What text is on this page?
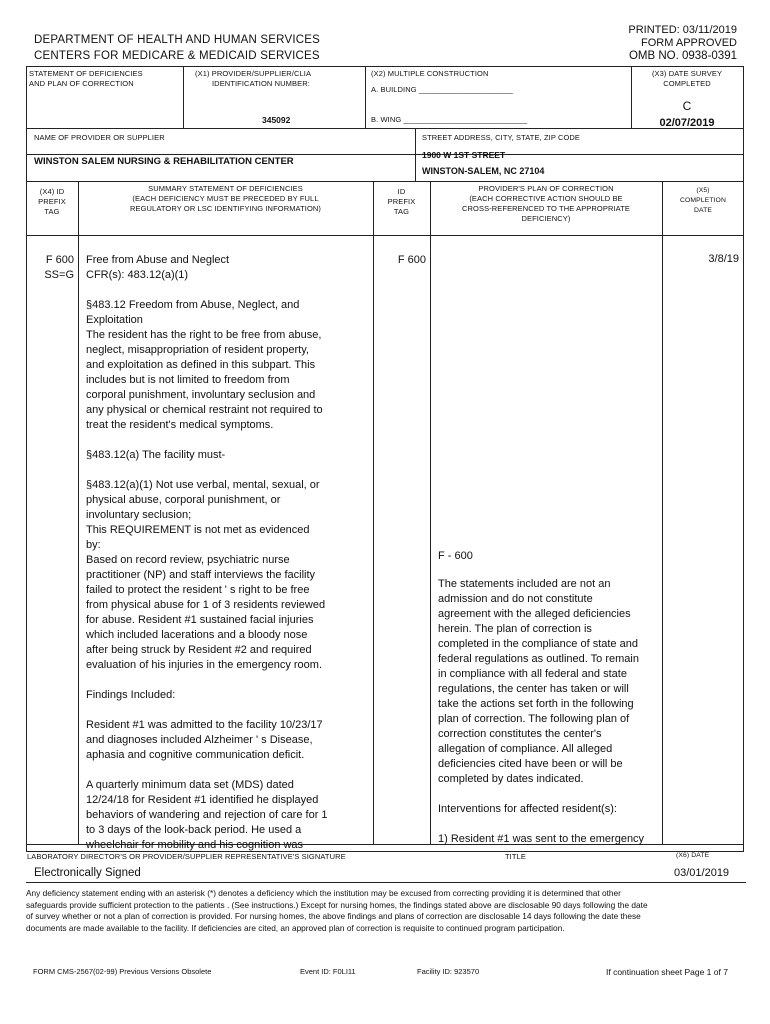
DEPARTMENT OF HEALTH AND HUMAN SERVICES
CENTERS FOR MEDICARE & MEDICAID SERVICES
PRINTED: 03/11/2019
FORM APPROVED
OMB NO. 0938-0391
STATEMENT OF DEFICIENCIES
AND PLAN OF CORRECTION
(X1) PROVIDER/SUPPLIER/CLIA
IDENTIFICATION NUMBER:
345092
(X2) MULTIPLE CONSTRUCTION
A. BUILDING ______________________
B. WING _____________________________
(X3) DATE SURVEY
COMPLETED
C
02/07/2019
NAME OF PROVIDER OR SUPPLIER
WINSTON SALEM NURSING & REHABILITATION CENTER
STREET ADDRESS, CITY, STATE, ZIP CODE
1900 W 1ST STREET
WINSTON-SALEM, NC 27104
(X4) ID
PREFIX
TAG
SUMMARY STATEMENT OF DEFICIENCIES
(EACH DEFICIENCY MUST BE PRECEDED BY FULL
REGULATORY OR LSC IDENTIFYING INFORMATION)
ID
PREFIX
TAG
PROVIDER'S PLAN OF CORRECTION
(EACH CORRECTIVE ACTION SHOULD BE
CROSS-REFERENCED TO THE APPROPRIATE
DEFICIENCY)
(X5)
COMPLETION
DATE
F 600
SS=G
Free from Abuse and Neglect
CFR(s): 483.12(a)(1)

§483.12 Freedom from Abuse, Neglect, and
Exploitation
The resident has the right to be free from abuse,
neglect, misappropriation of resident property,
and exploitation as defined in this subpart. This
includes but is not limited to freedom from
corporal punishment, involuntary seclusion and
any physical or chemical restraint not required to
treat the resident's medical symptoms.

§483.12(a) The facility must-

§483.12(a)(1) Not use verbal, mental, sexual, or
physical abuse, corporal punishment, or
involuntary seclusion;
This REQUIREMENT is not met as evidenced
by:
Based on record review, psychiatric nurse
practitioner (NP) and staff interviews the facility
failed to protect the resident ' s right to be free
from physical abuse for 1 of 3 residents reviewed
for abuse. Resident #1 sustained facial injuries
which included lacerations and a bloody nose
after being struck by Resident #2 and required
evaluation of his injuries in the emergency room.

Findings Included:

Resident #1 was admitted to the facility 10/23/17
and diagnoses included Alzheimer ' s Disease,
aphasia and cognitive communication deficit.

A quarterly minimum data set (MDS) dated
12/24/18 for Resident #1 identified he displayed
behaviors of wandering and rejection of care for 1
to 3 days of the look-back period. He used a
wheelchair for mobility and his cognition was
F 600
F - 600
The statements included are not an
admission and do not constitute
agreement with the alleged deficiencies
herein. The plan of correction is
completed in the compliance of state and
federal regulations as outlined. To remain
in compliance with all federal and state
regulations, the center has taken or will
take the actions set forth in the following
plan of correction. The following plan of
correction constitutes the center's
allegation of compliance. All alleged
deficiencies cited have been or will be
completed by dates indicated.

Interventions for affected resident(s):

1) Resident #1 was sent to the emergency
3/8/19
LABORATORY DIRECTOR'S OR PROVIDER/SUPPLIER REPRESENTATIVE'S SIGNATURE	TITLE	(X6) DATE
Electronically Signed	03/01/2019
Any deficiency statement ending with an asterisk (*) denotes a deficiency which the institution may be excused from correcting providing it is determined that other safeguards provide sufficient protection to the patients . (See instructions.) Except for nursing homes, the findings stated above are disclosable 90 days following the date of survey whether or not a plan of correction is provided. For nursing homes, the above findings and plans of correction are disclosable 14 days following the date these documents are made available to the facility. If deficiencies are cited, an approved plan of correction is requisite to continued program participation.
FORM CMS-2567(02-99) Previous Versions Obsolete	Event ID: F0LI11	Facility ID: 923570	If continuation sheet Page 1 of 7
